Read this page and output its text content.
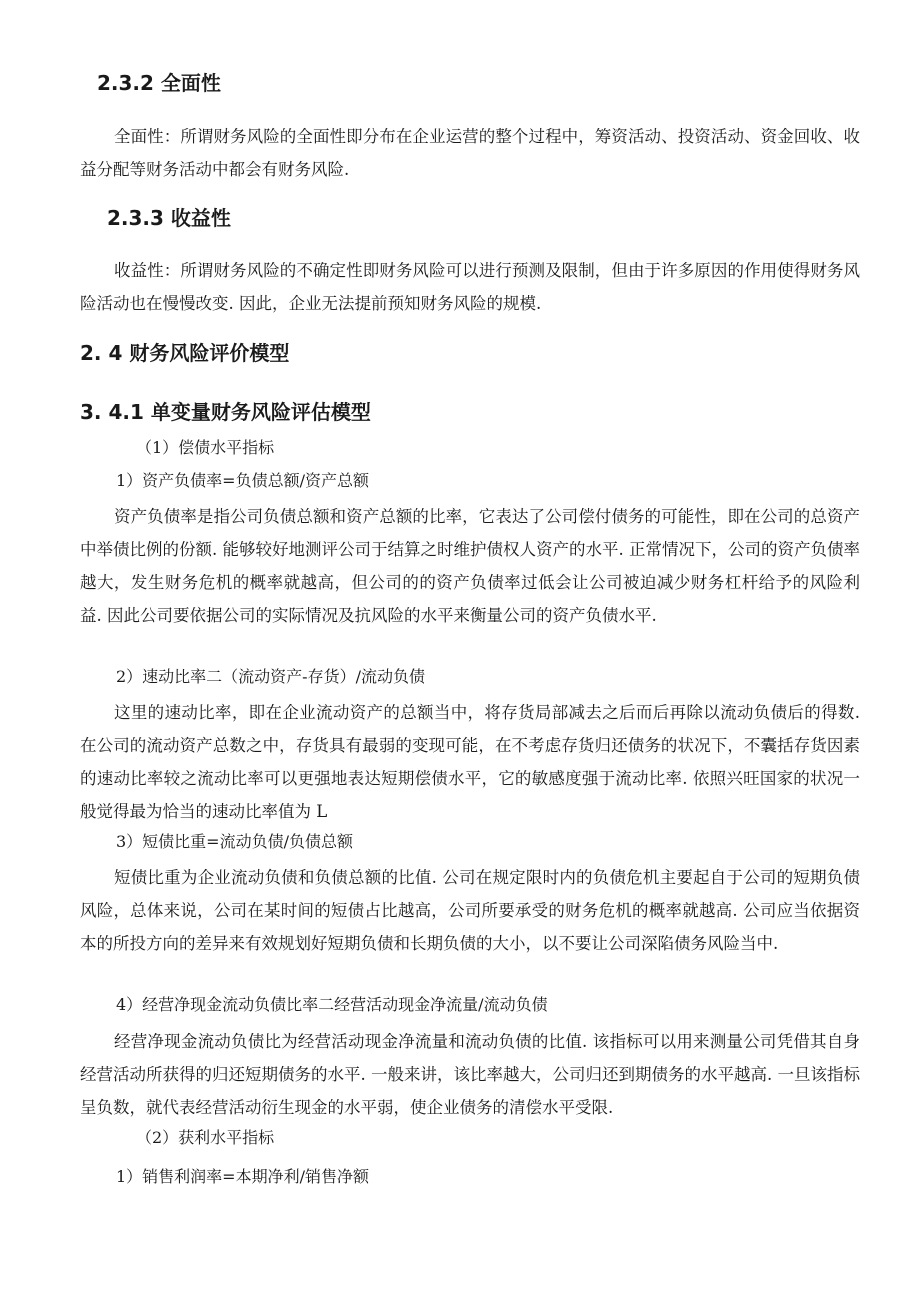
2.3.2 全面性

全面性：所谓财务风险的全面性即分布在企业运营的整个过程中，筹资活动、投资活动、资金回收、收益分配等财务活动中都会有财务风险.

2.3.3 收益性

收益性：所谓财务风险的不确定性即财务风险可以进行预测及限制，但由于许多原因的作用使得财务风险活动也在慢慢改变. 因此，企业无法提前预知财务风险的规模.

2. 4 财务风险评价模型
3. 4.1 单变量财务风险评估模型
（1）偿债水平指标
1）资产负债率=负债总额/资产总额

资产负债率是指公司负债总额和资产总额的比率，它表达了公司偿付债务的可能性，即在公司的总资产中举债比例的份额. 能够较好地测评公司于结算之时维护债权人资产的水平. 正常情况下，公司的资产负债率越大，发生财务危机的概率就越高，但公司的的资产负债率过低会让公司被迫减少财务杠杆给予的风险利益. 因此公司要依据公司的实际情况及抗风险的水平来衡量公司的资产负债水平.

2）速动比率二（流动资产-存货）/流动负债

这里的速动比率，即在企业流动资产的总额当中，将存货局部减去之后而后再除以流动负债后的得数. 在公司的流动资产总数之中，存货具有最弱的变现可能，在不考虑存货归还债务的状况下，不囊括存货因素的速动比率较之流动比率可以更强地表达短期偿债水平，它的敏感度强于流动比率. 依照兴旺国家的状况一般觉得最为恰当的速动比率值为 L

3）短债比重=流动负债/负债总额

短债比重为企业流动负债和负债总额的比值. 公司在规定限时内的负债危机主要起自于公司的短期负债风险，总体来说，公司在某时间的短债占比越高，公司所要承受的财务危机的概率就越高. 公司应当依据资本的所投方向的差异来有效规划好短期负债和长期负债的大小，以不要让公司深陷债务风险当中.

4）经营净现金流动负债比率二经营活动现金净流量/流动负债

经营净现金流动负债比为经营活动现金净流量和流动负债的比值. 该指标可以用来测量公司凭借其自身经营活动所获得的归还短期债务的水平. 一般来讲，该比率越大，公司归还到期债务的水平越高. 一旦该指标呈负数，就代表经营活动衍生现金的水平弱，使企业债务的清偿水平受限.

（2）获利水平指标
1）销售利润率=本期净利/销售净额
